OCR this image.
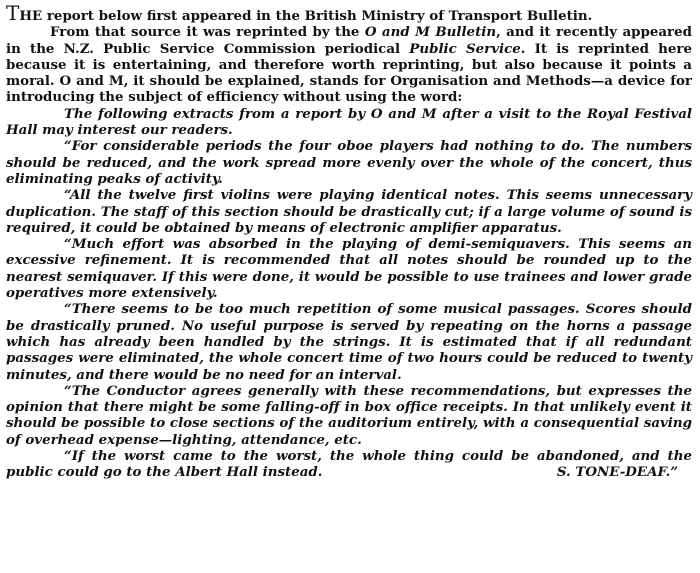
THE report below first appeared in the British Ministry of Transport Bulletin.

From that source it was reprinted by the O and M Bulletin, and it recently appeared in the N.Z. Public Service Commission periodical Public Service. It is reprinted here because it is entertaining, and therefore worth reprinting, but also because it points a moral. O and M, it should be explained, stands for Organisation and Methods—a device for introducing the subject of efficiency without using the word:

The following extracts from a report by O and M after a visit to the Royal Festival Hall may interest our readers.

“For considerable periods the four oboe players had nothing to do. The numbers should be reduced, and the work spread more evenly over the whole of the concert, thus eliminating peaks of activity.

“All the twelve first violins were playing identical notes. This seems unnecessary duplication. The staff of this section should be drastically cut; if a large volume of sound is required, it could be obtained by means of electronic amplifier apparatus.

“Much effort was absorbed in the playing of demi-semiquavers. This seems an excessive refinement. It is recommended that all notes should be rounded up to the nearest semiquaver. If this were done, it would be possible to use trainees and lower grade operatives more extensively.

“There seems to be too much repetition of some musical passages. Scores should be drastically pruned. No useful purpose is served by repeating on the horns a passage which has already been handled by the strings. It is estimated that if all redundant passages were eliminated, the whole concert time of two hours could be reduced to twenty minutes, and there would be no need for an interval.

“The Conductor agrees generally with these recommendations, but expresses the opinion that there might be some falling-off in box office receipts. In that unlikely event it should be possible to close sections of the auditorium entirely, with a consequential saving of overhead expense—lighting, attendance, etc.

“If the worst came to the worst, the whole thing could be abandoned, and the public could go to the Albert Hall instead.	S. TONE-DEAF.”
